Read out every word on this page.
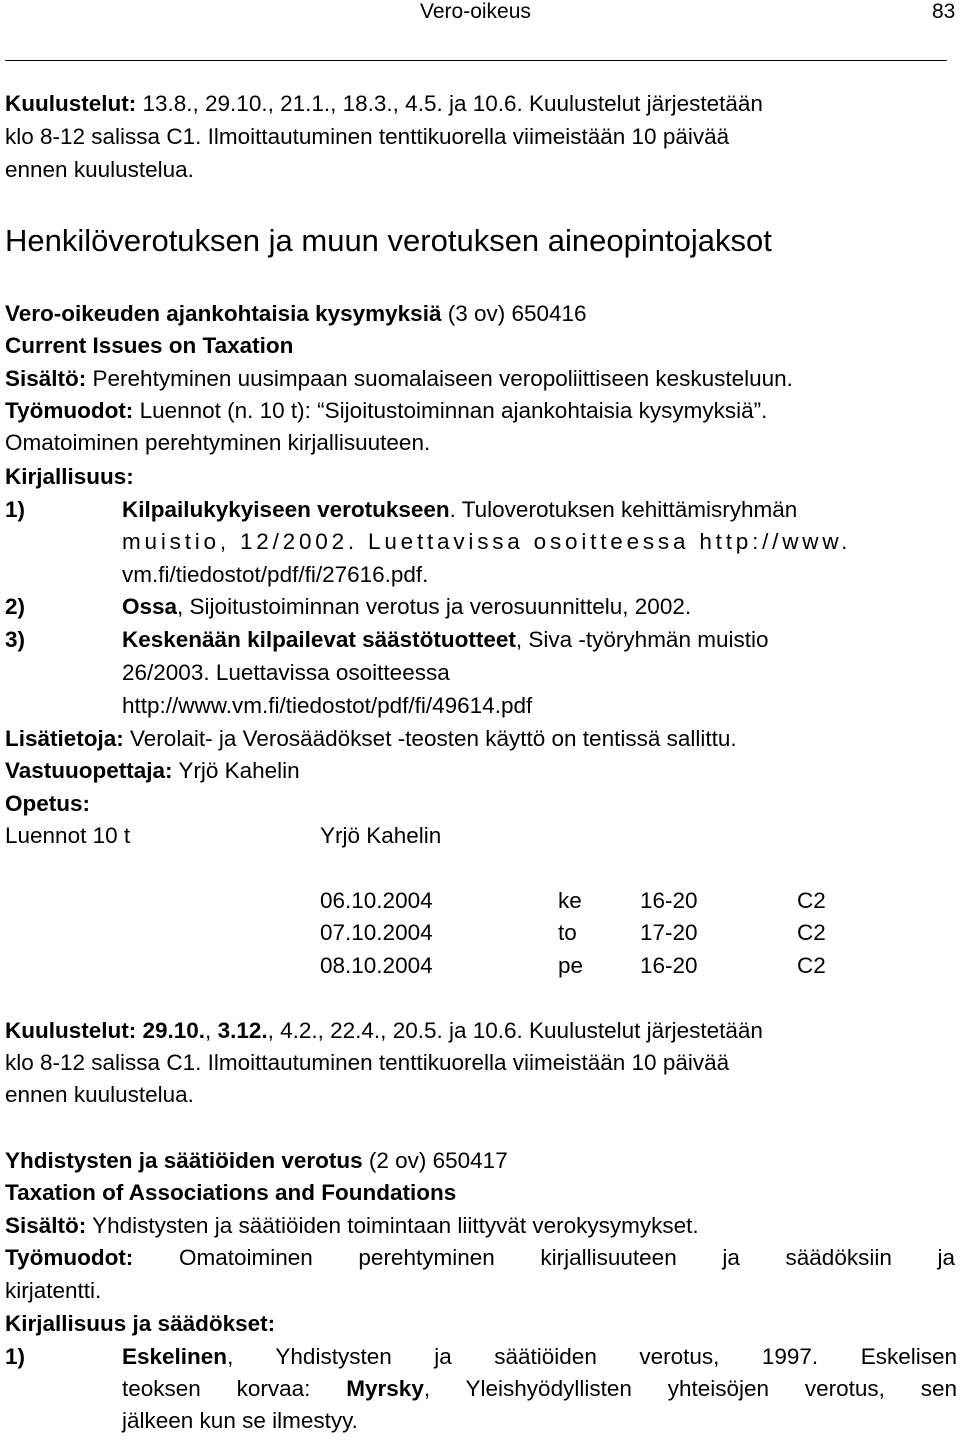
Vero-oikeus	83
Kuulustelut: 13.8., 29.10., 21.1., 18.3., 4.5. ja 10.6. Kuulustelut järjestetään
klo 8-12 salissa C1. Ilmoittautuminen tenttikuorella viimeistään 10 päivää
ennen kuulustelua.
Henkilöverotuksen ja muun verotuksen aineopintojaksot
Vero-oikeuden ajankohtaisia kysymyksiä (3 ov) 650416
Current Issues on Taxation
Sisältö: Perehtyminen uusimpaan suomalaiseen veropoliittiseen keskusteluun.
Työmuodot: Luennot (n. 10 t): “Sijoitustoiminnan ajankohtaisia kysymyksiä”.
Omatoiminen perehtyminen kirjallisuuteen.
Kirjallisuus:
1)	Kilpailukykyiseen verotukseen. Tuloverotuksen kehittämisryhmän
muistio, 12/2002. Luettavissa osoitteessa http://www.
vm.fi/tiedostot/pdf/fi/27616.pdf.
2)	Ossa, Sijoitustoiminnan verotus ja verosuunnittelu, 2002.
3)	Keskenään kilpailevat säästötuotteet, Siva -työryhmän muistio
26/2003. Luettavissa osoitteessa
http://www.vm.fi/tiedostot/pdf/fi/49614.pdf
Lisätietoja: Verolait- ja Verosäädökset -teosten käyttö on tentissä sallittu.
Vastuuopettaja: Yrjö Kahelin
Opetus:
Luennot 10 t	Yrjö Kahelin
06.10.2004	ke	16-20	C2
07.10.2004	to	17-20	C2
08.10.2004	pe	16-20	C2
Kuulustelut: 29.10., 3.12., 4.2., 22.4., 20.5. ja 10.6. Kuulustelut järjestetään
klo 8-12 salissa C1. Ilmoittautuminen tenttikuorella viimeistään 10 päivää
ennen kuulustelua.
Yhdistysten ja säätiöiden verotus (2 ov) 650417
Taxation of Associations and Foundations
Sisältö: Yhdistysten ja säätiöiden toimintaan liittyvät verokysymykset.
Työmuodot: Omatoiminen perehtyminen kirjallisuuteen ja säädöksiin ja
kirjatentti.
Kirjallisuus ja säädökset:
1)	Eskelinen, Yhdistysten ja säätiöiden verotus, 1997. Eskelisen
teoksen korvaa: Myrsky, Yleishyödyllisten yhteisöjen verotus, sen
jälkeen kun se ilmestyy.
